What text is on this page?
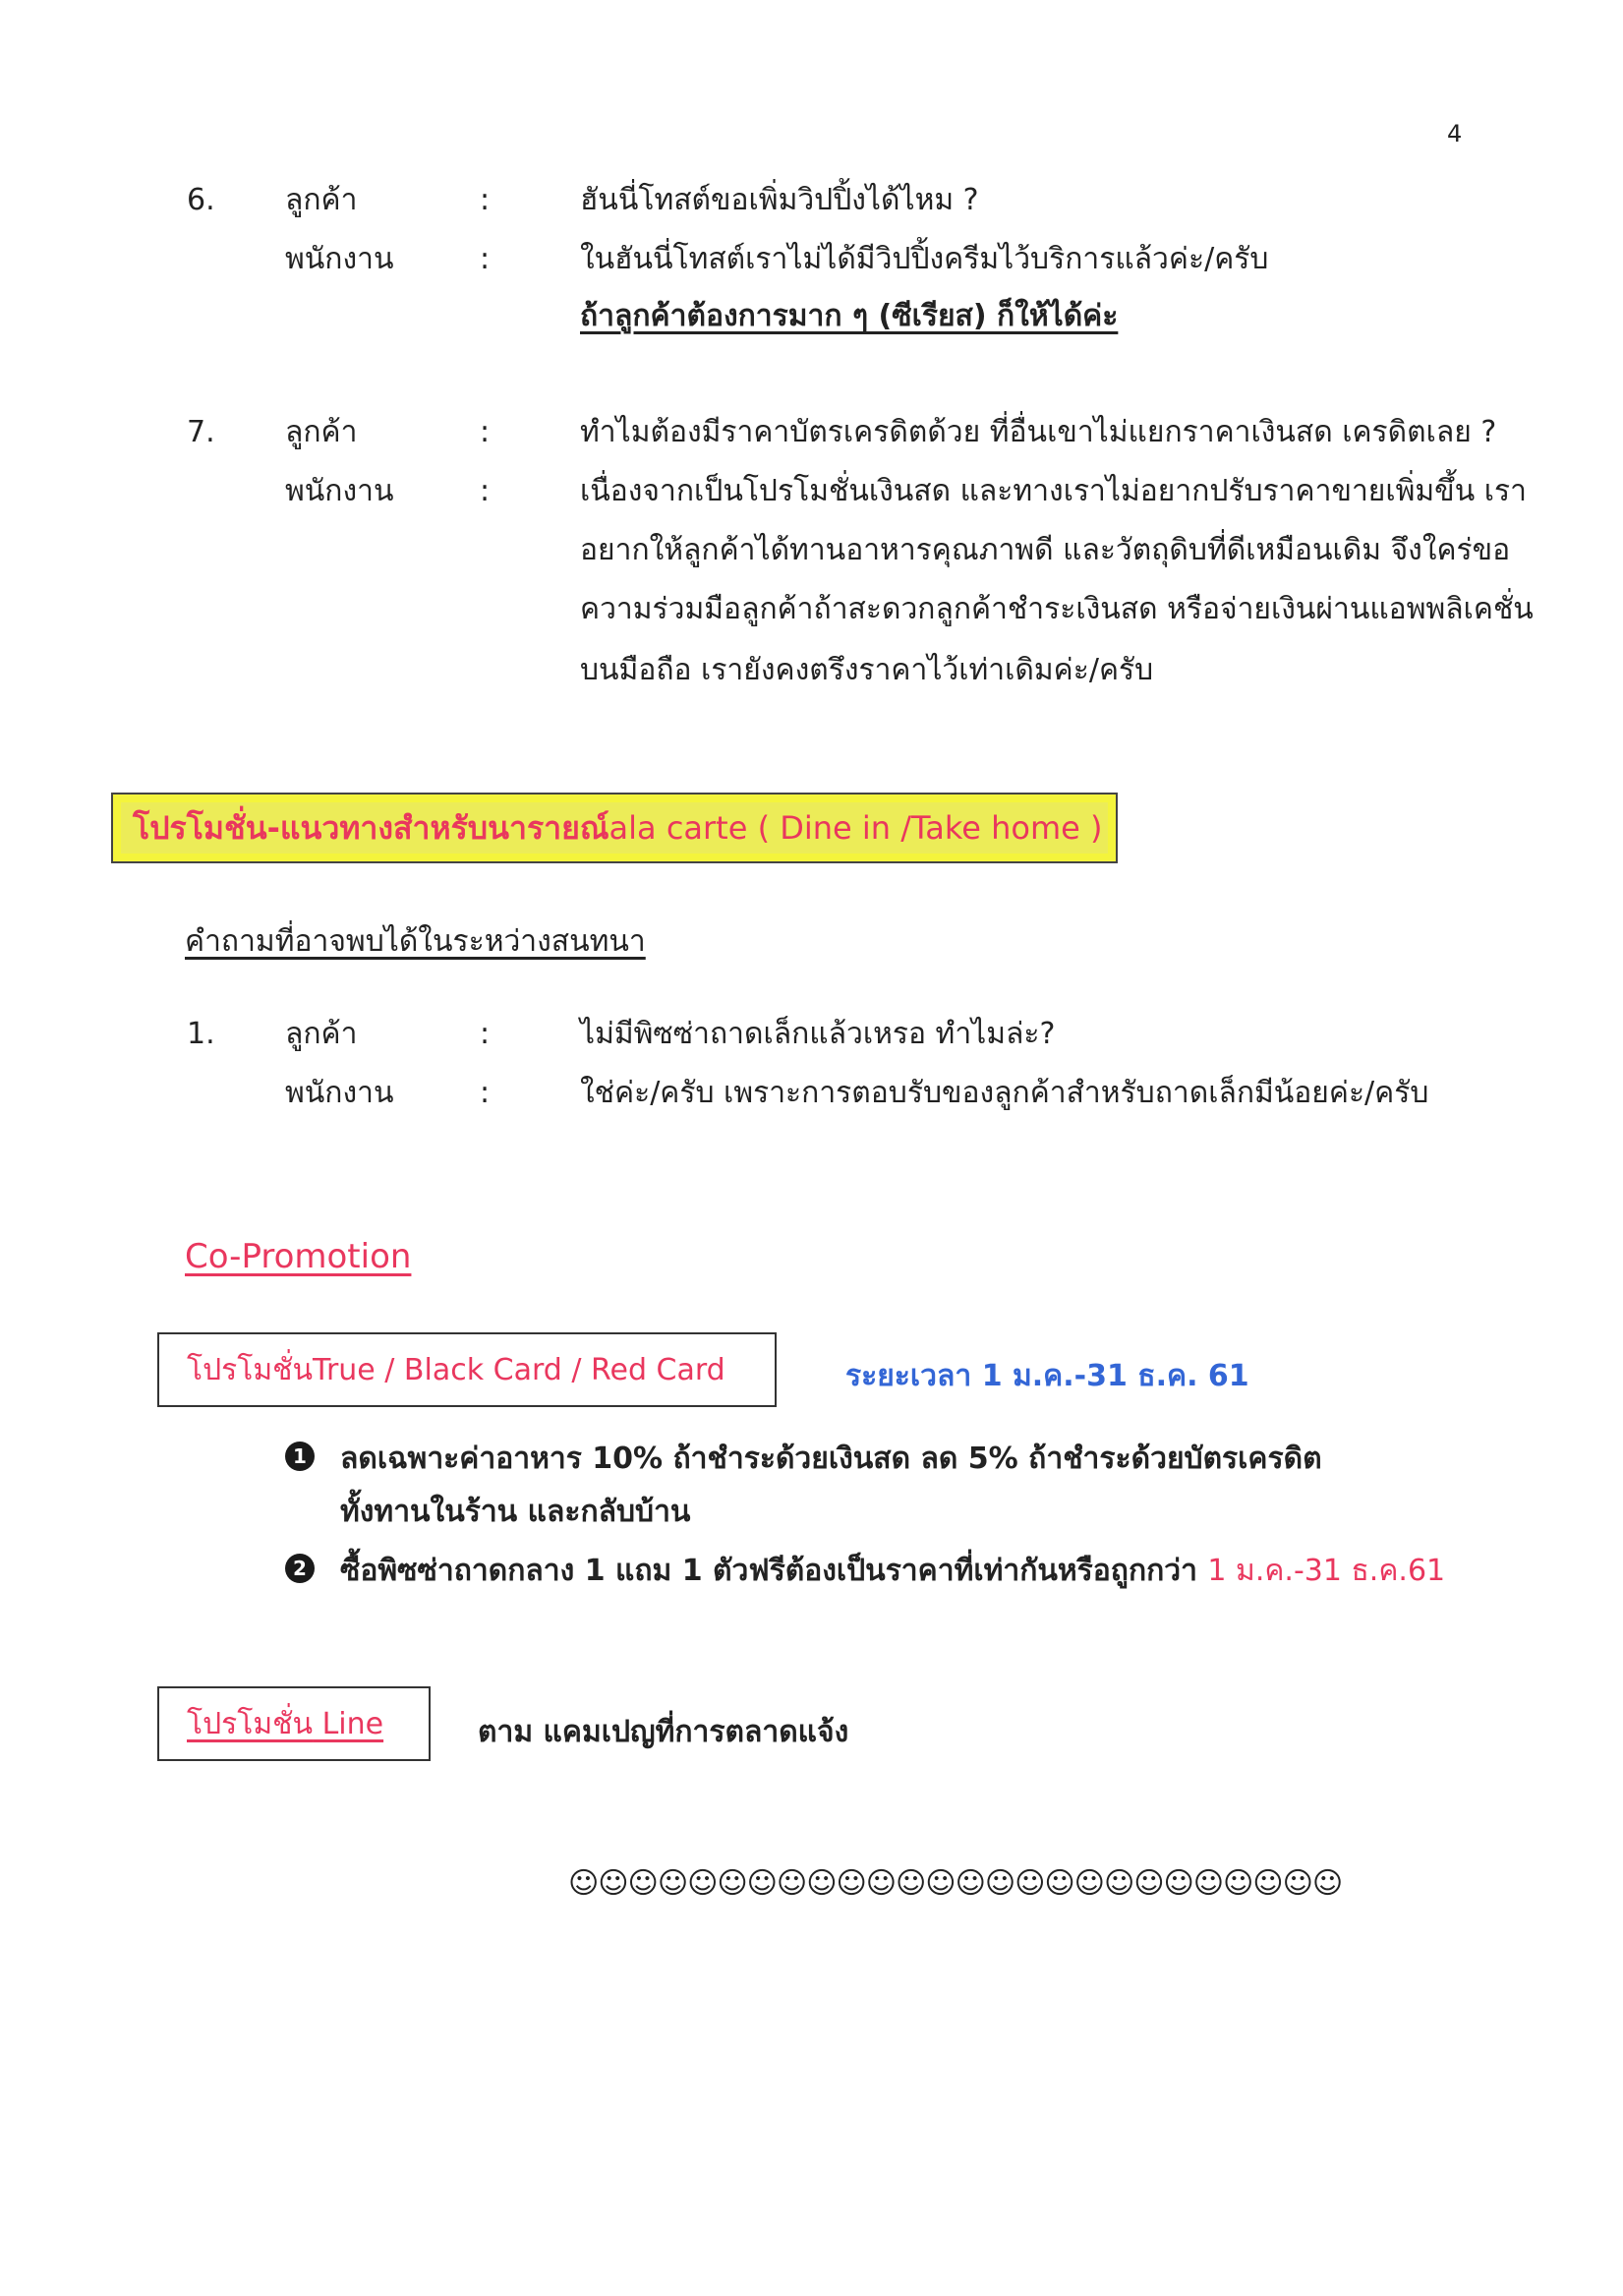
4
6. ลูกค้า	:	ฮันนี่โทสต์ขอเพิ่มวิปปิ้งได้ไหม ?
พนักงาน	:	ในฮันนี่โทสต์เราไม่ได้มีวิปปิ้งครีมไว้บริการแล้วค่ะ/ครับ
ถ้าลูกค้าต้องการมาก ๆ (ซีเรียส) ก็ให้ได้ค่ะ
7. ลูกค้า	:	ทำไมต้องมีราคาบัตรเครดิตด้วย ที่อื่นเขาไม่แยกราคาเงินสด เครดิตเลย ?
พนักงาน	:	เนื่องจากเป็นโปรโมชั่นเงินสด และทางเราไม่อยากปรับราคาขายเพิ่มขึ้น เรา
อยากให้ลูกค้าได้ทานอาหารคุณภาพดี และวัตถุดิบที่ดีเหมือนเดิม จึงใคร่ขอ
ความร่วมมือลูกค้าถ้าสะดวกลูกค้าชำระเงินสด หรือจ่ายเงินผ่านแอพพลิเคชั่น
บนมือถือ เรายังคงตรึงราคาไว้เท่าเดิมค่ะ/ครับ
โปรโมชั่น-แนวทางสำหรับนารายณ์ ala carte ( Dine in /Take home )
คำถามที่อาจพบได้ในระหว่างสนทนา
1. ลูกค้า	:	ไม่มีพิซซ่าถาดเล็กแล้วเหรอ ทำไมล่ะ?
พนักงาน	:	ใช่ค่ะ/ครับ เพราะการตอบรับของลูกค้าสำหรับถาดเล็กมีน้อยค่ะ/ครับ
Co-Promotion
โปรโมชั่น True / Black Card / Red Card	ระยะเวลา 1 ม.ค.-31 ธ.ค. 61
1 ลดเฉพาะค่าอาหาร 10% ถ้าชำระด้วยเงินสด ลด 5% ถ้าชำระด้วยบัตรเครดิต
ทั้งทานในร้าน และกลับบ้าน
2 ซื้อพิซซ่าถาดกลาง 1 แถม 1 ตัวฟรีต้องเป็นราคาที่เท่ากันหรือถูกกว่า 1 ม.ค.-31 ธ.ค.61
โปรโมชั่น Line	ตาม แคมเปญที่การตลาดแจ้ง
☺☺☺☺☺☺☺☺☺☺☺☺☺☺☺☺☺☺☺☺☺☺☺☺☺☺
